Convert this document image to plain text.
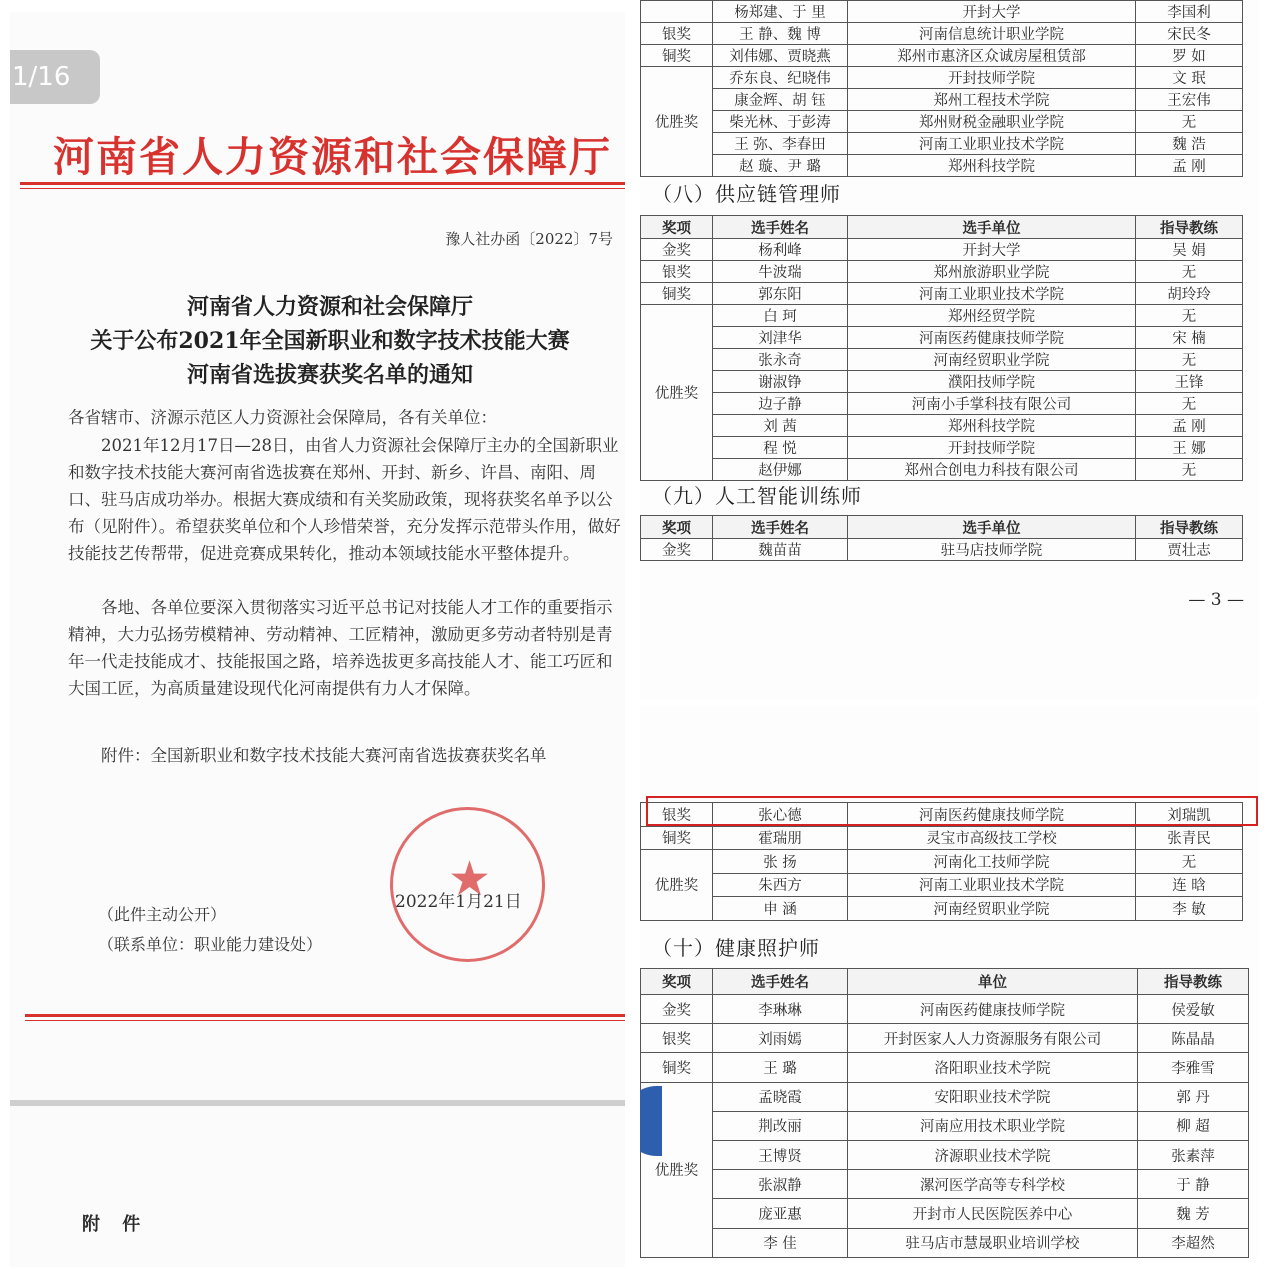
1/16
河南省人力资源和社会保障厅
豫人社办函〔2022〕7号
河南省人力资源和社会保障厅
关于公布2021年全国新职业和数字技术技能大赛
河南省选拔赛获奖名单的通知
各省辖市、济源示范区人力资源社会保障局，各有关单位：
2021年12月17日—28日，由省人力资源社会保障厅主办的全国新职业和数字技术技能大赛河南省选拔赛在郑州、开封、新乡、许昌、南阳、周口、驻马店成功举办。根据大赛成绩和有关奖励政策，现将获奖名单予以公布（见附件）。希望获奖单位和个人珍惜荣誉，充分发挥示范带头作用，做好技能技艺传帮带，促进竞赛成果转化，推动本领域技能水平整体提升。
各地、各单位要深入贯彻落实习近平总书记对技能人才工作的重要指示精神，大力弘扬劳模精神、劳动精神、工匠精神，激励更多劳动者特别是青年一代走技能成才、技能报国之路，培养选拔更多高技能人才、能工巧匠和大国工匠，为高质量建设现代化河南提供有力人才保障。
附件：全国新职业和数字技术技能大赛河南省选拔赛获奖名单
★
2022年1月21日
（此件主动公开）
（联系单位：职业能力建设处）
附 件
	杨郑建、于 里	开封大学	李国利
银奖	王 静、魏 博	河南信息统计职业学院	宋民冬
铜奖	刘伟娜、贾晓燕	郑州市惠济区众诚房屋租赁部	罗 如
优胜奖	乔东良、纪晓伟	开封技师学院	文 珉
	康金辉、胡 钰	郑州工程技术学院	王宏伟
	柴光林、于彭涛	郑州财税金融职业学院	无
	王 弥、李春田	河南工业职业技术学院	魏 浩
	赵 璇、尹 璐	郑州科技学院	孟 刚
（八）供应链管理师
奖项	选手姓名	选手单位	指导教练
金奖	杨利峰	开封大学	吴 娟
银奖	牛波瑞	郑州旅游职业学院	无
铜奖	郭东阳	河南工业职业技术学院	胡玲玲
优胜奖	白 珂	郑州经贸学院	无
	刘津华	河南医药健康技师学院	宋 楠
	张永奇	河南经贸职业学院	无
	谢淑铮	濮阳技师学院	王锋
	边子静	河南小手掌科技有限公司	无
	刘 茜	郑州科技学院	孟 刚
	程 悦	开封技师学院	王 娜
	赵伊娜	郑州合创电力科技有限公司	无
（九）人工智能训练师
奖项	选手姓名	选手单位	指导教练
金奖	魏苗苗	驻马店技师学院	贾壮志
— 3 —
银奖	张心德	河南医药健康技师学院	刘瑞凯
铜奖	霍瑞朋	灵宝市高级技工学校	张青民
优胜奖	张 扬	河南化工技师学院	无
	朱西方	河南工业职业技术学院	连 晗
	申 涵	河南经贸职业学院	李 敏
（十）健康照护师
奖项	选手姓名	单位	指导教练
金奖	李琳琳	河南医药健康技师学院	侯爱敏
银奖	刘雨嫣	开封医家人人力资源服务有限公司	陈晶晶
铜奖	王 璐	洛阳职业技术学院	李雅雪
优胜奖	孟晓霞	安阳职业技术学院	郭 丹
	荆改丽	河南应用技术职业学院	柳 超
	王博贤	济源职业技术学院	张素萍
	张淑静	漯河医学高等专科学校	于 静
	庞亚惠	开封市人民医院医养中心	魏 芳
	李 佳	驻马店市慧晟职业培训学校	李超然
